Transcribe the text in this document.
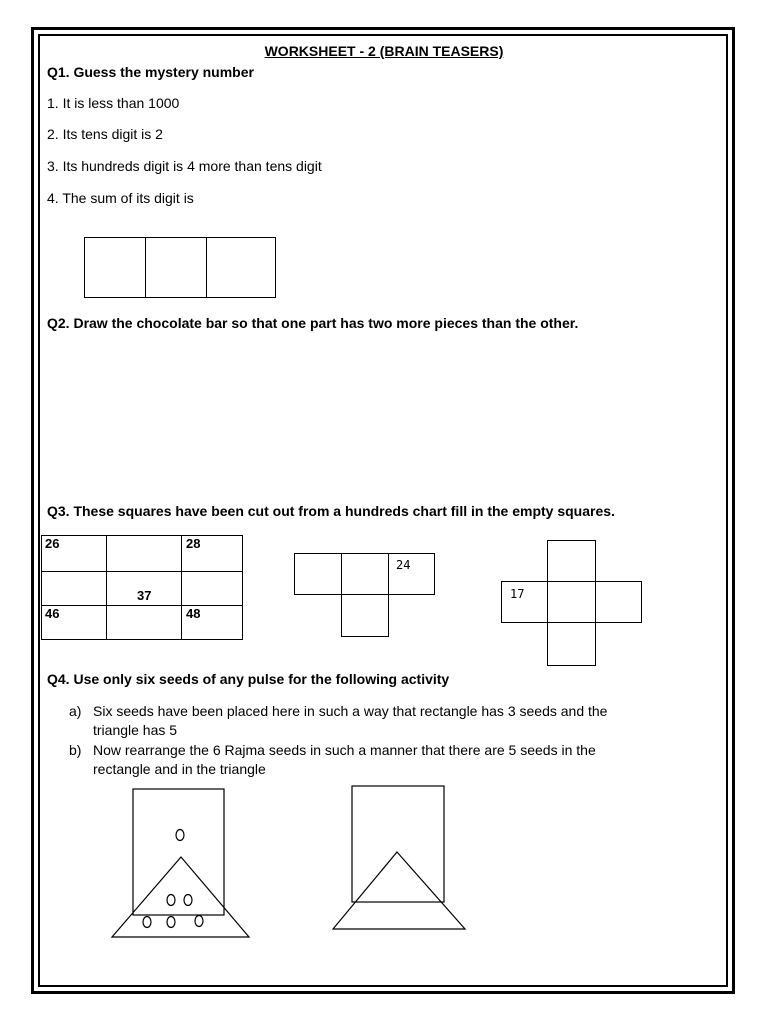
WORKSHEET - 2 (BRAIN TEASERS)
Q1. Guess the mystery number
1. It is less than 1000
2. Its tens digit is 2
3. Its hundreds digit is 4 more than tens digit
4. The sum of its digit is
Q2. Draw the chocolate bar so that one part has two more pieces than the other.
Q3. These squares have been cut out from a hundreds chart fill in the empty squares.
26	28
37
46	48
24
17
Q4. Use only six seeds of any pulse for the following activity
a) Six seeds have been placed here in such a way that rectangle has 3 seeds and the
triangle has 5
b) Now rearrange the 6 Rajma seeds in such a manner that there are 5 seeds in the
rectangle and in the triangle
